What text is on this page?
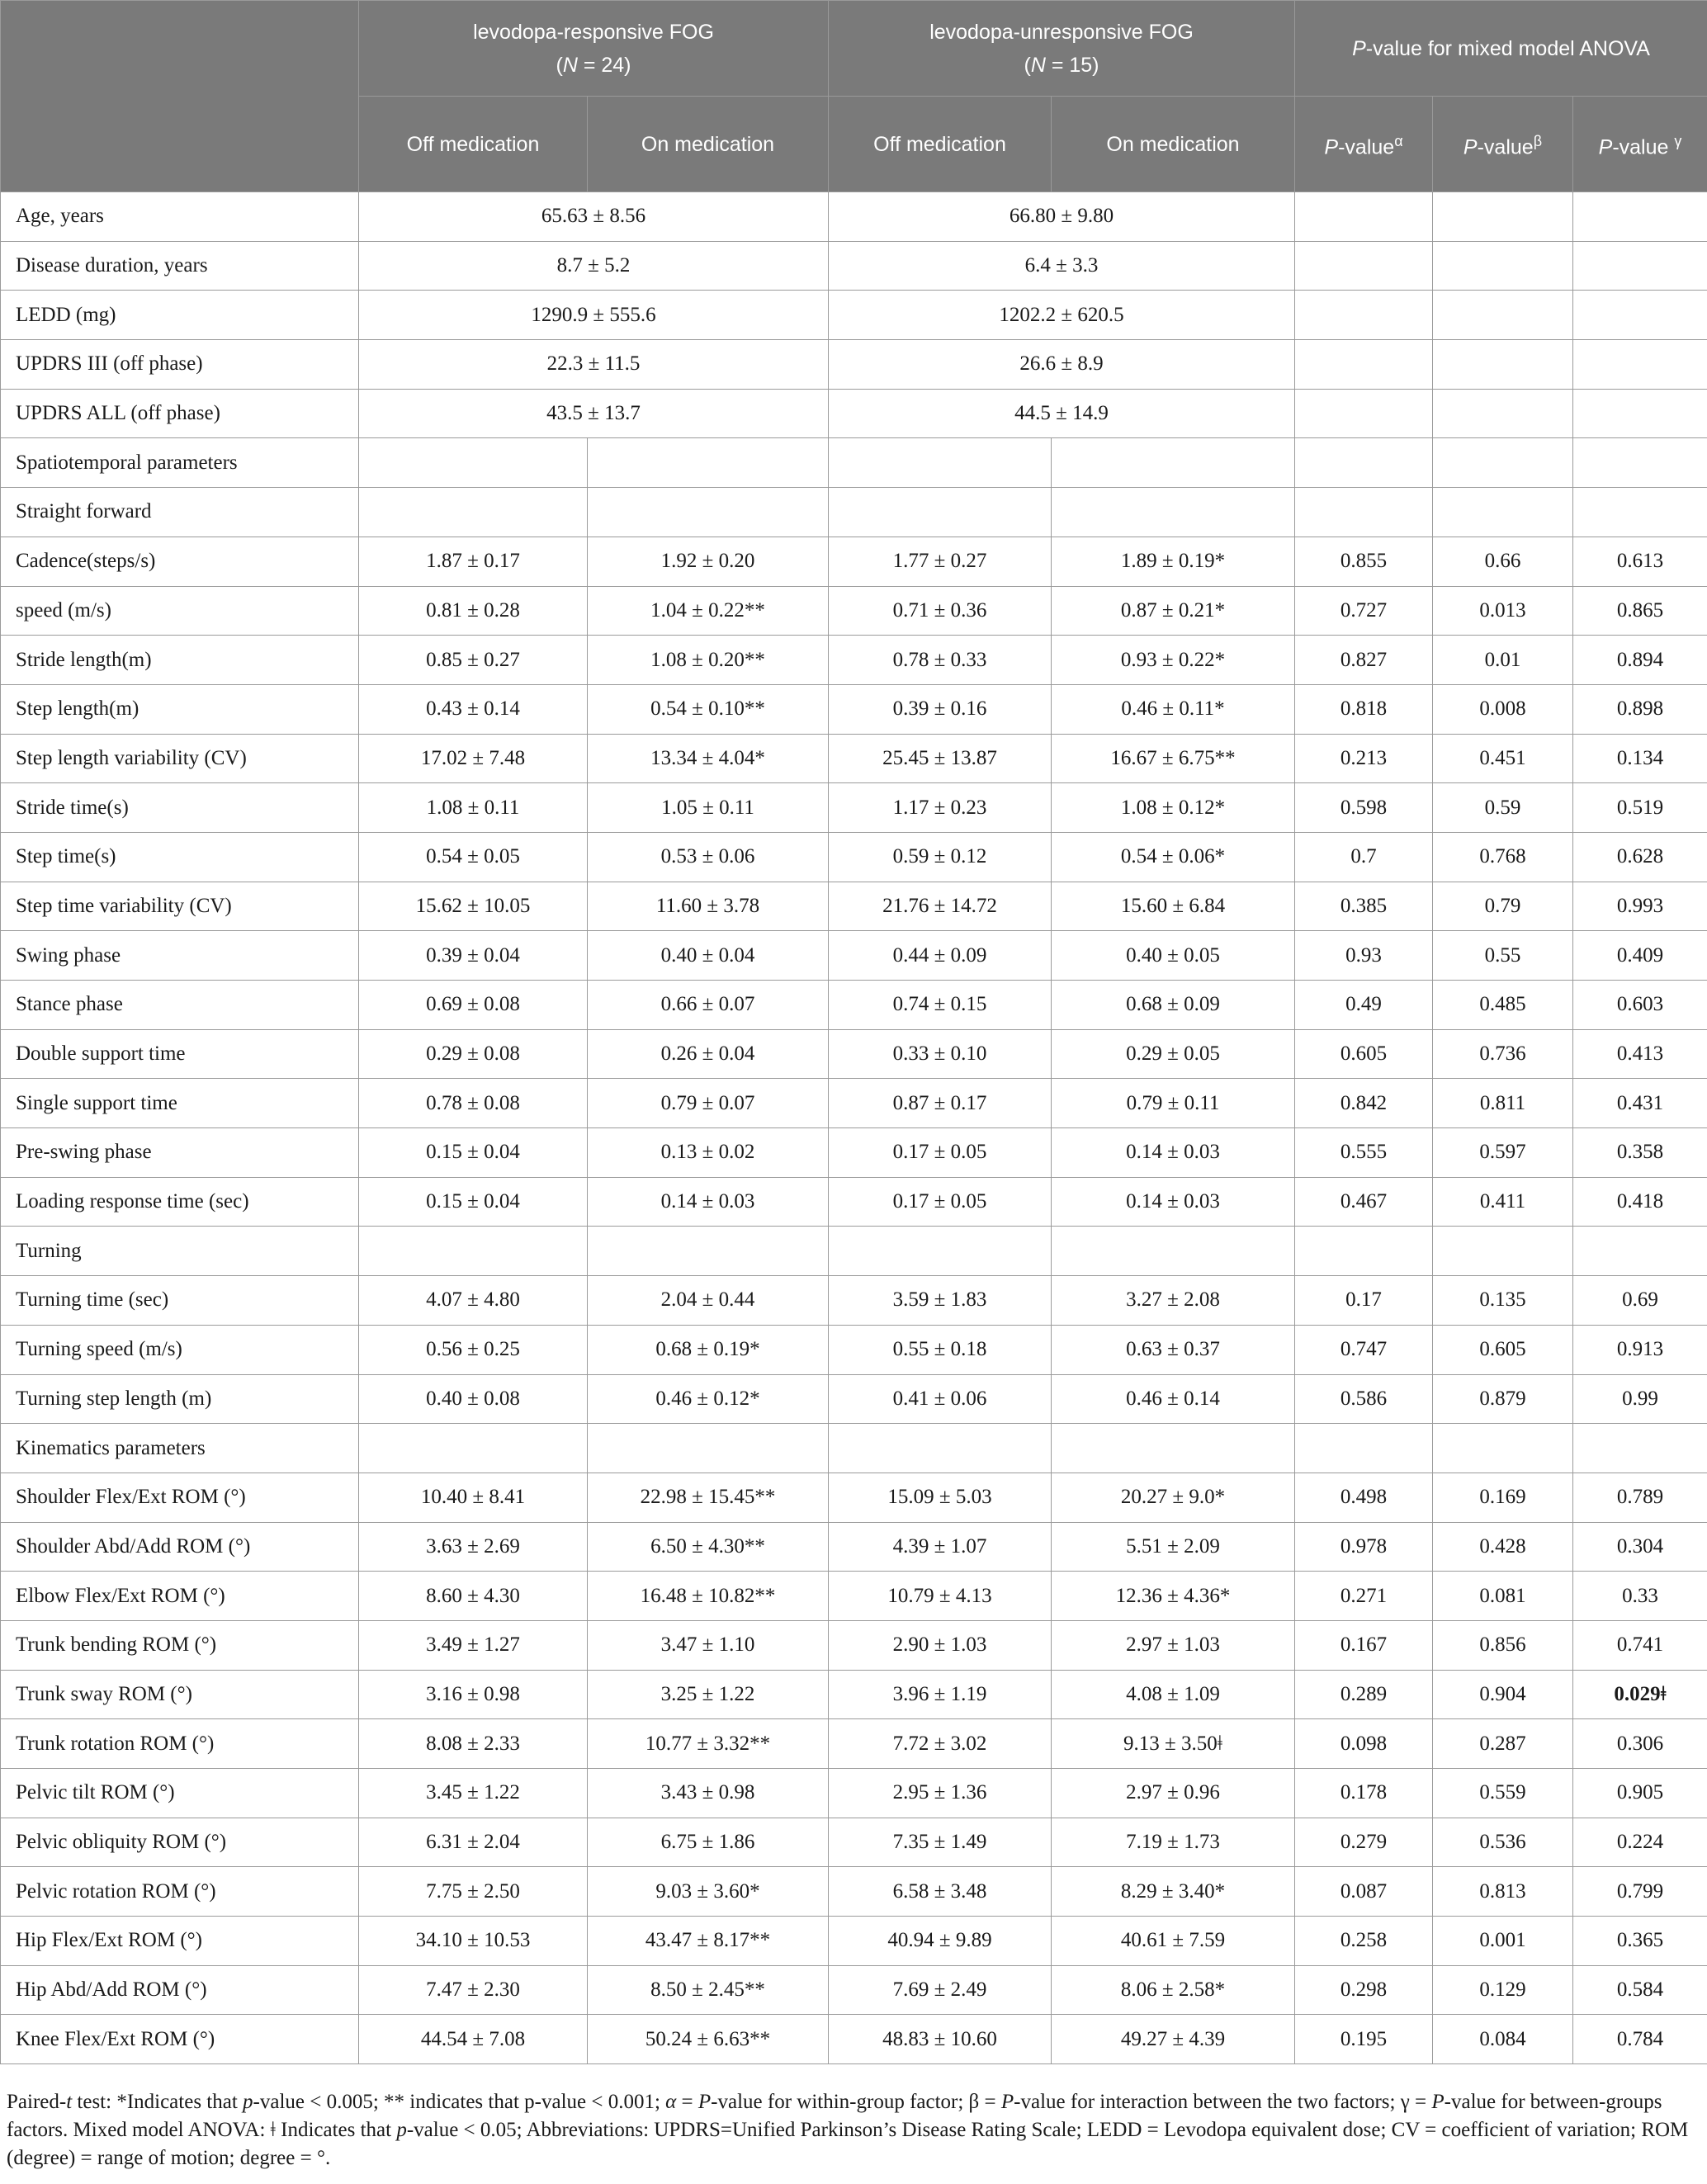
	levodopa-responsive FOG
(N = 24)		levodopa-unresponsive FOG
(N = 15)		P-value for mixed model ANOVA		
	Off medication	On medication	Off medication	On medication	P-value$^\alpha$	P-value$^\beta$	P-value $^\gamma$
Age, years	65.63 ± 8.56		66.80 ± 9.80				
Disease duration, years	8.7 ± 5.2		6.4 ± 3.3				
LEDD (mg)	1290.9 ± 555.6		1202.2 ± 620.5				
UPDRS III (off phase)	22.3 ± 11.5		26.6 ± 8.9				
UPDRS ALL (off phase)	43.5 ± 13.7		44.5 ± 14.9				
Spatiotemporal parameters							
Straight forward							
Cadence(steps/s)	1.87 ± 0.17	1.92 ± 0.20	1.77 ± 0.27	1.89 ± 0.19*	0.855	0.66	0.613
speed (m/s)	0.81 ± 0.28	1.04 ± 0.22**	0.71 ± 0.36	0.87 ± 0.21*	0.727	0.013	0.865
Stride length(m)	0.85 ± 0.27	1.08 ± 0.20**	0.78 ± 0.33	0.93 ± 0.22*	0.827	0.01	0.894
Step length(m)	0.43 ± 0.14	0.54 ± 0.10**	0.39 ± 0.16	0.46 ± 0.11*	0.818	0.008	0.898
Step length variability (CV)	17.02 ± 7.48	13.34 ± 4.04*	25.45 ± 13.87	16.67 ± 6.75**	0.213	0.451	0.134
Stride time(s)	1.08 ± 0.11	1.05 ± 0.11	1.17 ± 0.23	1.08 ± 0.12*	0.598	0.59	0.519
Step time(s)	0.54 ± 0.05	0.53 ± 0.06	0.59 ± 0.12	0.54 ± 0.06*	0.7	0.768	0.628
Step time variability (CV)	15.62 ± 10.05	11.60 ± 3.78	21.76 ± 14.72	15.60 ± 6.84	0.385	0.79	0.993
Swing phase	0.39 ± 0.04	0.40 ± 0.04	0.44 ± 0.09	0.40 ± 0.05	0.93	0.55	0.409
Stance phase	0.69 ± 0.08	0.66 ± 0.07	0.74 ± 0.15	0.68 ± 0.09	0.49	0.485	0.603
Double support time	0.29 ± 0.08	0.26 ± 0.04	0.33 ± 0.10	0.29 ± 0.05	0.605	0.736	0.413
Single support time	0.78 ± 0.08	0.79 ± 0.07	0.87 ± 0.17	0.79 ± 0.11	0.842	0.811	0.431
Pre-swing phase	0.15 ± 0.04	0.13 ± 0.02	0.17 ± 0.05	0.14 ± 0.03	0.555	0.597	0.358
Loading response time (sec)	0.15 ± 0.04	0.14 ± 0.03	0.17 ± 0.05	0.14 ± 0.03	0.467	0.411	0.418
Turning							
Turning time (sec)	4.07 ± 4.80	2.04 ± 0.44	3.59 ± 1.83	3.27 ± 2.08	0.17	0.135	0.69
Turning speed (m/s)	0.56 ± 0.25	0.68 ± 0.19*	0.55 ± 0.18	0.63 ± 0.37	0.747	0.605	0.913
Turning step length (m)	0.40 ± 0.08	0.46 ± 0.12*	0.41 ± 0.06	0.46 ± 0.14	0.586	0.879	0.99
Kinematics parameters							
Shoulder Flex/Ext ROM (°)	10.40 ± 8.41	22.98 ± 15.45**	15.09 ± 5.03	20.27 ± 9.0*	0.498	0.169	0.789
Shoulder Abd/Add ROM (°)	3.63 ± 2.69	6.50 ± 4.30**	4.39 ± 1.07	5.51 ± 2.09	0.978	0.428	0.304
Elbow Flex/Ext ROM (°)	8.60 ± 4.30	16.48 ± 10.82**	10.79 ± 4.13	12.36 ± 4.36*	0.271	0.081	0.33
Trunk bending ROM (°)	3.49 ± 1.27	3.47 ± 1.10	2.90 ± 1.03	2.97 ± 1.03	0.167	0.856	0.741
Trunk sway ROM (°)	3.16 ± 0.98	3.25 ± 1.22	3.96 ± 1.19	4.08 ± 1.09	0.289	0.904	0.029ǂ
Trunk rotation ROM (°)	8.08 ± 2.33	10.77 ± 3.32**	7.72 ± 3.02	9.13 ± 3.50ǂ	0.098	0.287	0.306
Pelvic tilt ROM (°)	3.45 ± 1.22	3.43 ± 0.98	2.95 ± 1.36	2.97 ± 0.96	0.178	0.559	0.905
Pelvic obliquity ROM (°)	6.31 ± 2.04	6.75 ± 1.86	7.35 ± 1.49	7.19 ± 1.73	0.279	0.536	0.224
Pelvic rotation ROM (°)	7.75 ± 2.50	9.03 ± 3.60*	6.58 ± 3.48	8.29 ± 3.40*	0.087	0.813	0.799
Hip Flex/Ext ROM (°)	34.10 ± 10.53	43.47 ± 8.17**	40.94 ± 9.89	40.61 ± 7.59	0.258	0.001	0.365
Hip Abd/Add ROM (°)	7.47 ± 2.30	8.50 ± 2.45**	7.69 ± 2.49	8.06 ± 2.58*	0.298	0.129	0.584
Knee Flex/Ext ROM (°)	44.54 ± 7.08	50.24 ± 6.63**	48.83 ± 10.60	49.27 ± 4.39	0.195	0.084	0.784

Paired-t test: *Indicates that p-value < 0.005; ** indicates that p-value < 0.001; α = P-value for within-group factor; β = P-value for interaction between the two factors; γ = P-value for between-groups factors. Mixed model ANOVA: ǂ Indicates that p-value < 0.05; Abbreviations: UPDRS=Unified Parkinson’s Disease Rating Scale; LEDD = Levodopa equivalent dose; CV = coefficient of variation; ROM (degree) = range of motion; degree = °.
